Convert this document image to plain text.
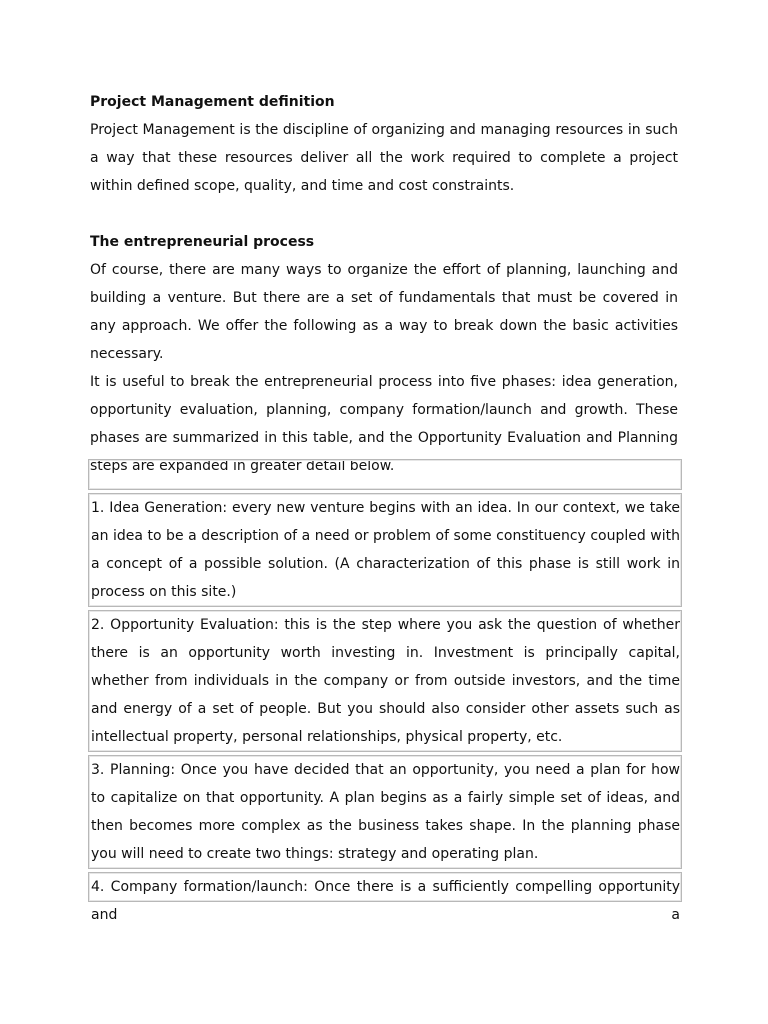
Project Management definition

Project Management is the discipline of organizing and managing resources in such a way that these resources deliver all the work required to complete a project within defined scope, quality, and time and cost constraints.

The entrepreneurial process

Of course, there are many ways to organize the effort of planning, launching and building a venture. But there are a set of fundamentals that must be covered in any approach. We offer the following as a way to break down the basic activities necessary.

It is useful to break the entrepreneurial process into five phases: idea generation, opportunity evaluation, planning, company formation/launch and growth. These phases are summarized in this table, and the Opportunity Evaluation and Planning steps are expanded in greater detail below.

1. Idea Generation: every new venture begins with an idea. In our context, we take an idea to be a description of a need or problem of some constituency coupled with a concept of a possible solution. (A characterization of this phase is still work in process on this site.)
2. Opportunity Evaluation: this is the step where you ask the question of whether there is an opportunity worth investing in. Investment is principally capital, whether from individuals in the company or from outside investors, and the time and energy of a set of people. But you should also consider other assets such as intellectual property, personal relationships, physical property, etc.
3. Planning: Once you have decided that an opportunity, you need a plan for how to capitalize on that opportunity. A plan begins as a fairly simple set of ideas, and then becomes more complex as the business takes shape. In the planning phase you will need to create two things: strategy and operating plan.
4. Company formation/launch: Once there is a sufficiently compelling opportunity and a
